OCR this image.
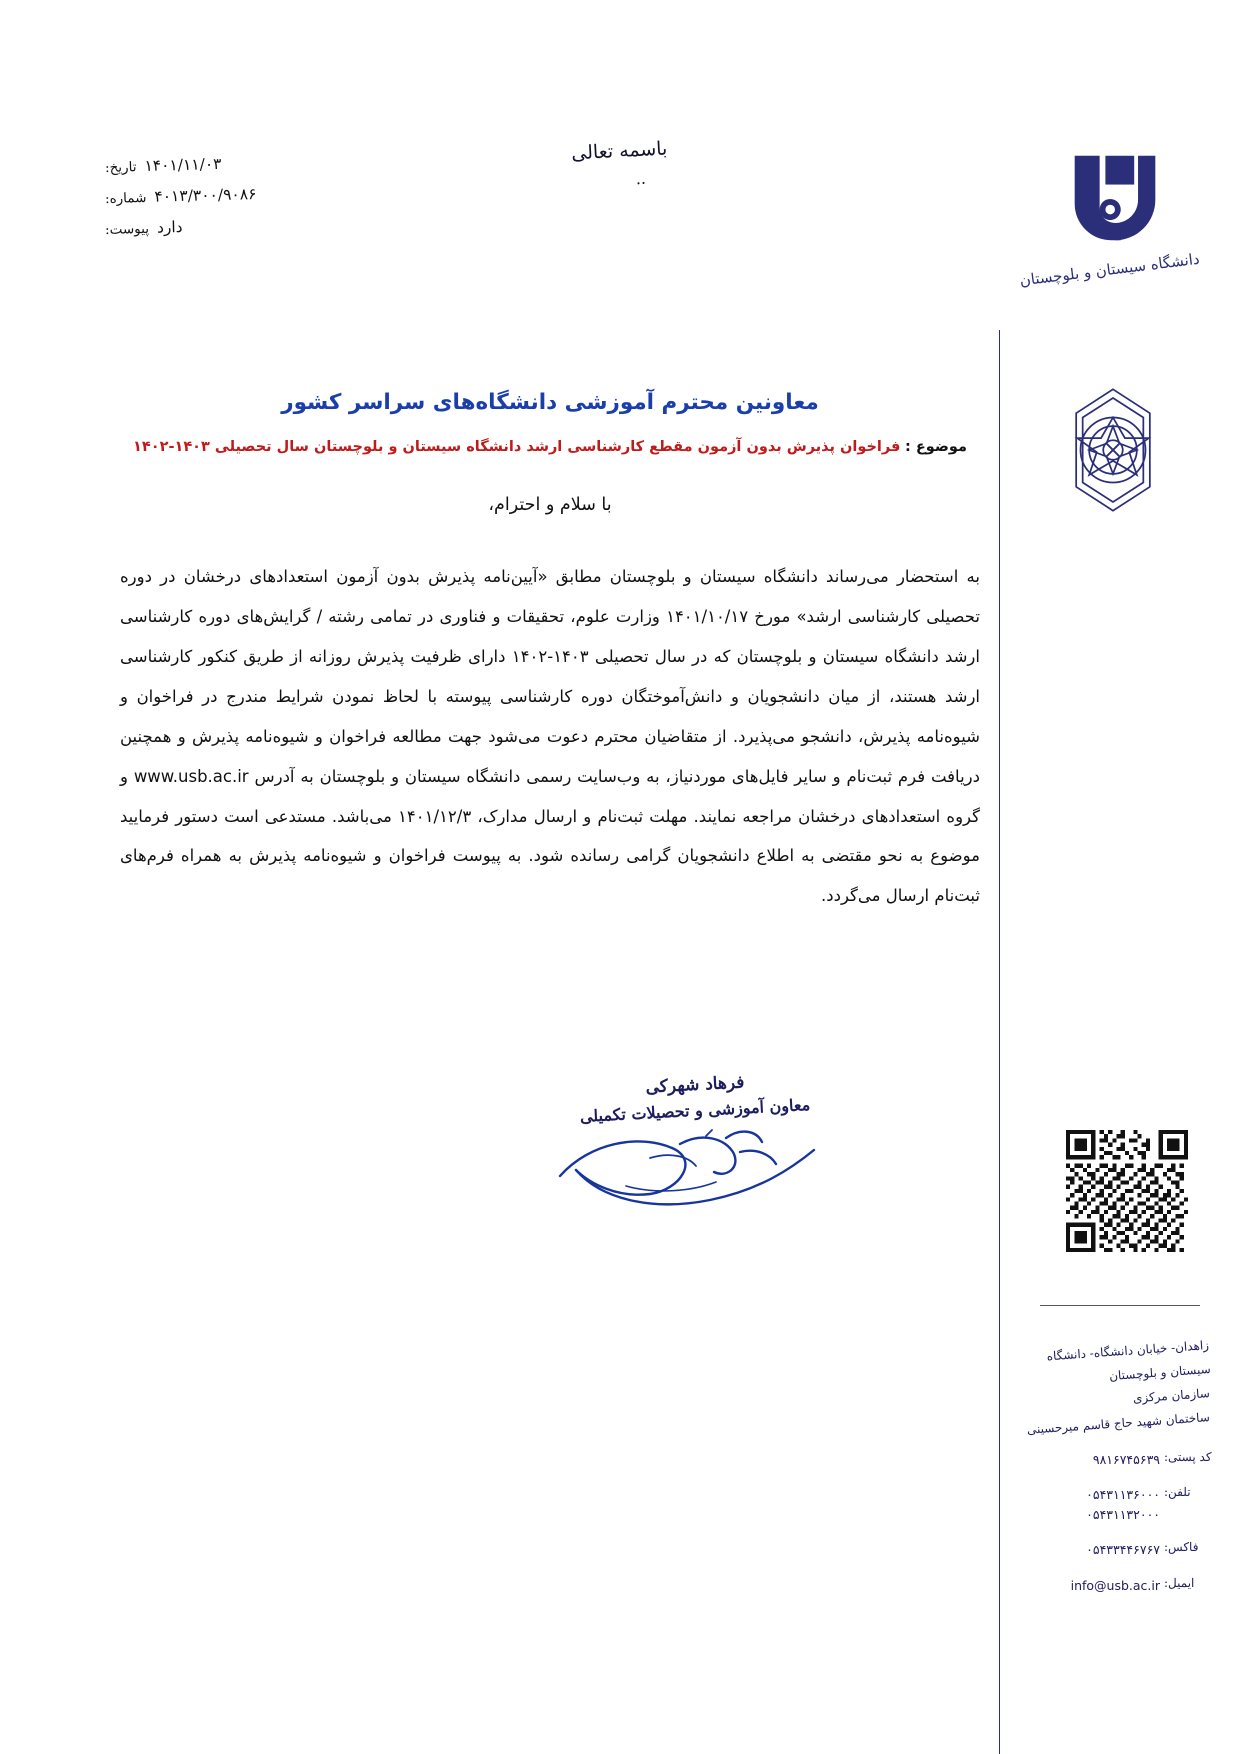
دانشگاه سیستان و بلوچستان
زاهدان- خیابان دانشگاه- دانشگاه سیستان و بلوچستان
سازمان مرکزی
ساختمان شهید حاج قاسم میرحسینی
کد پستی:
۹۸۱۶۷۴۵۶۳۹
تلفن:
۰۵۴۳۱۱۳۶۰۰۰
۰۵۴۳۱۱۳۲۰۰۰
فاکس:
۰۵۴۳۳۴۴۶۷۶۷
ایمیل:
info@usb.ac.ir
باسمه تعالی
..
تاریخ: ۱۴۰۱/۱۱/۰۳
شماره: ۴۰۱۳/۳۰۰/۹۰۸۶
پیوست: دارد
معاونین محترم آموزشی دانشگاه‌های سراسر کشور
موضوع : فراخوان پذیرش بدون آزمون مقطع کارشناسی ارشد دانشگاه سیستان و بلوچستان سال تحصیلی ۱۴۰۳-۱۴۰۲
با سلام و احترام،
به استحضار می‌رساند دانشگاه سیستان و بلوچستان مطابق «آیین‌نامه پذیرش بدون آزمون استعدادهای درخشان در دوره تحصیلی کارشناسی ارشد» مورخ ۱۴۰۱/۱۰/۱۷ وزارت علوم، تحقیقات و فناوری در تمامی رشته / گرایش‌های دوره کارشناسی ارشد دانشگاه سیستان و بلوچستان که در سال تحصیلی ۱۴۰۳-۱۴۰۲ دارای ظرفیت پذیرش روزانه از طریق کنکور کارشناسی ارشد هستند، از میان دانشجویان و دانش‌آموختگان دوره کارشناسی پیوسته با لحاظ نمودن شرایط مندرج در فراخوان و شیوه‌نامه پذیرش، دانشجو می‌پذیرد. از متقاضیان محترم دعوت می‌شود جهت مطالعه فراخوان و شیوه‌نامه پذیرش و همچنین دریافت فرم ثبت‌نام و سایر فایل‌های موردنیاز، به وب‌سایت رسمی دانشگاه سیستان و بلوچستان به آدرس www.usb.ac.ir و گروه استعدادهای درخشان مراجعه نمایند. مهلت ثبت‌نام و ارسال مدارک، ۱۴۰۱/۱۲/۳ می‌باشد. مستدعی است دستور فرمایید موضوع به نحو مقتضی به اطلاع دانشجویان گرامی رسانده شود. به پیوست فراخوان و شیوه‌نامه پذیرش به همراه فرم‌های ثبت‌نام ارسال می‌گردد.
فرهاد شهرکی
معاون آموزشی و تحصیلات تکمیلی
